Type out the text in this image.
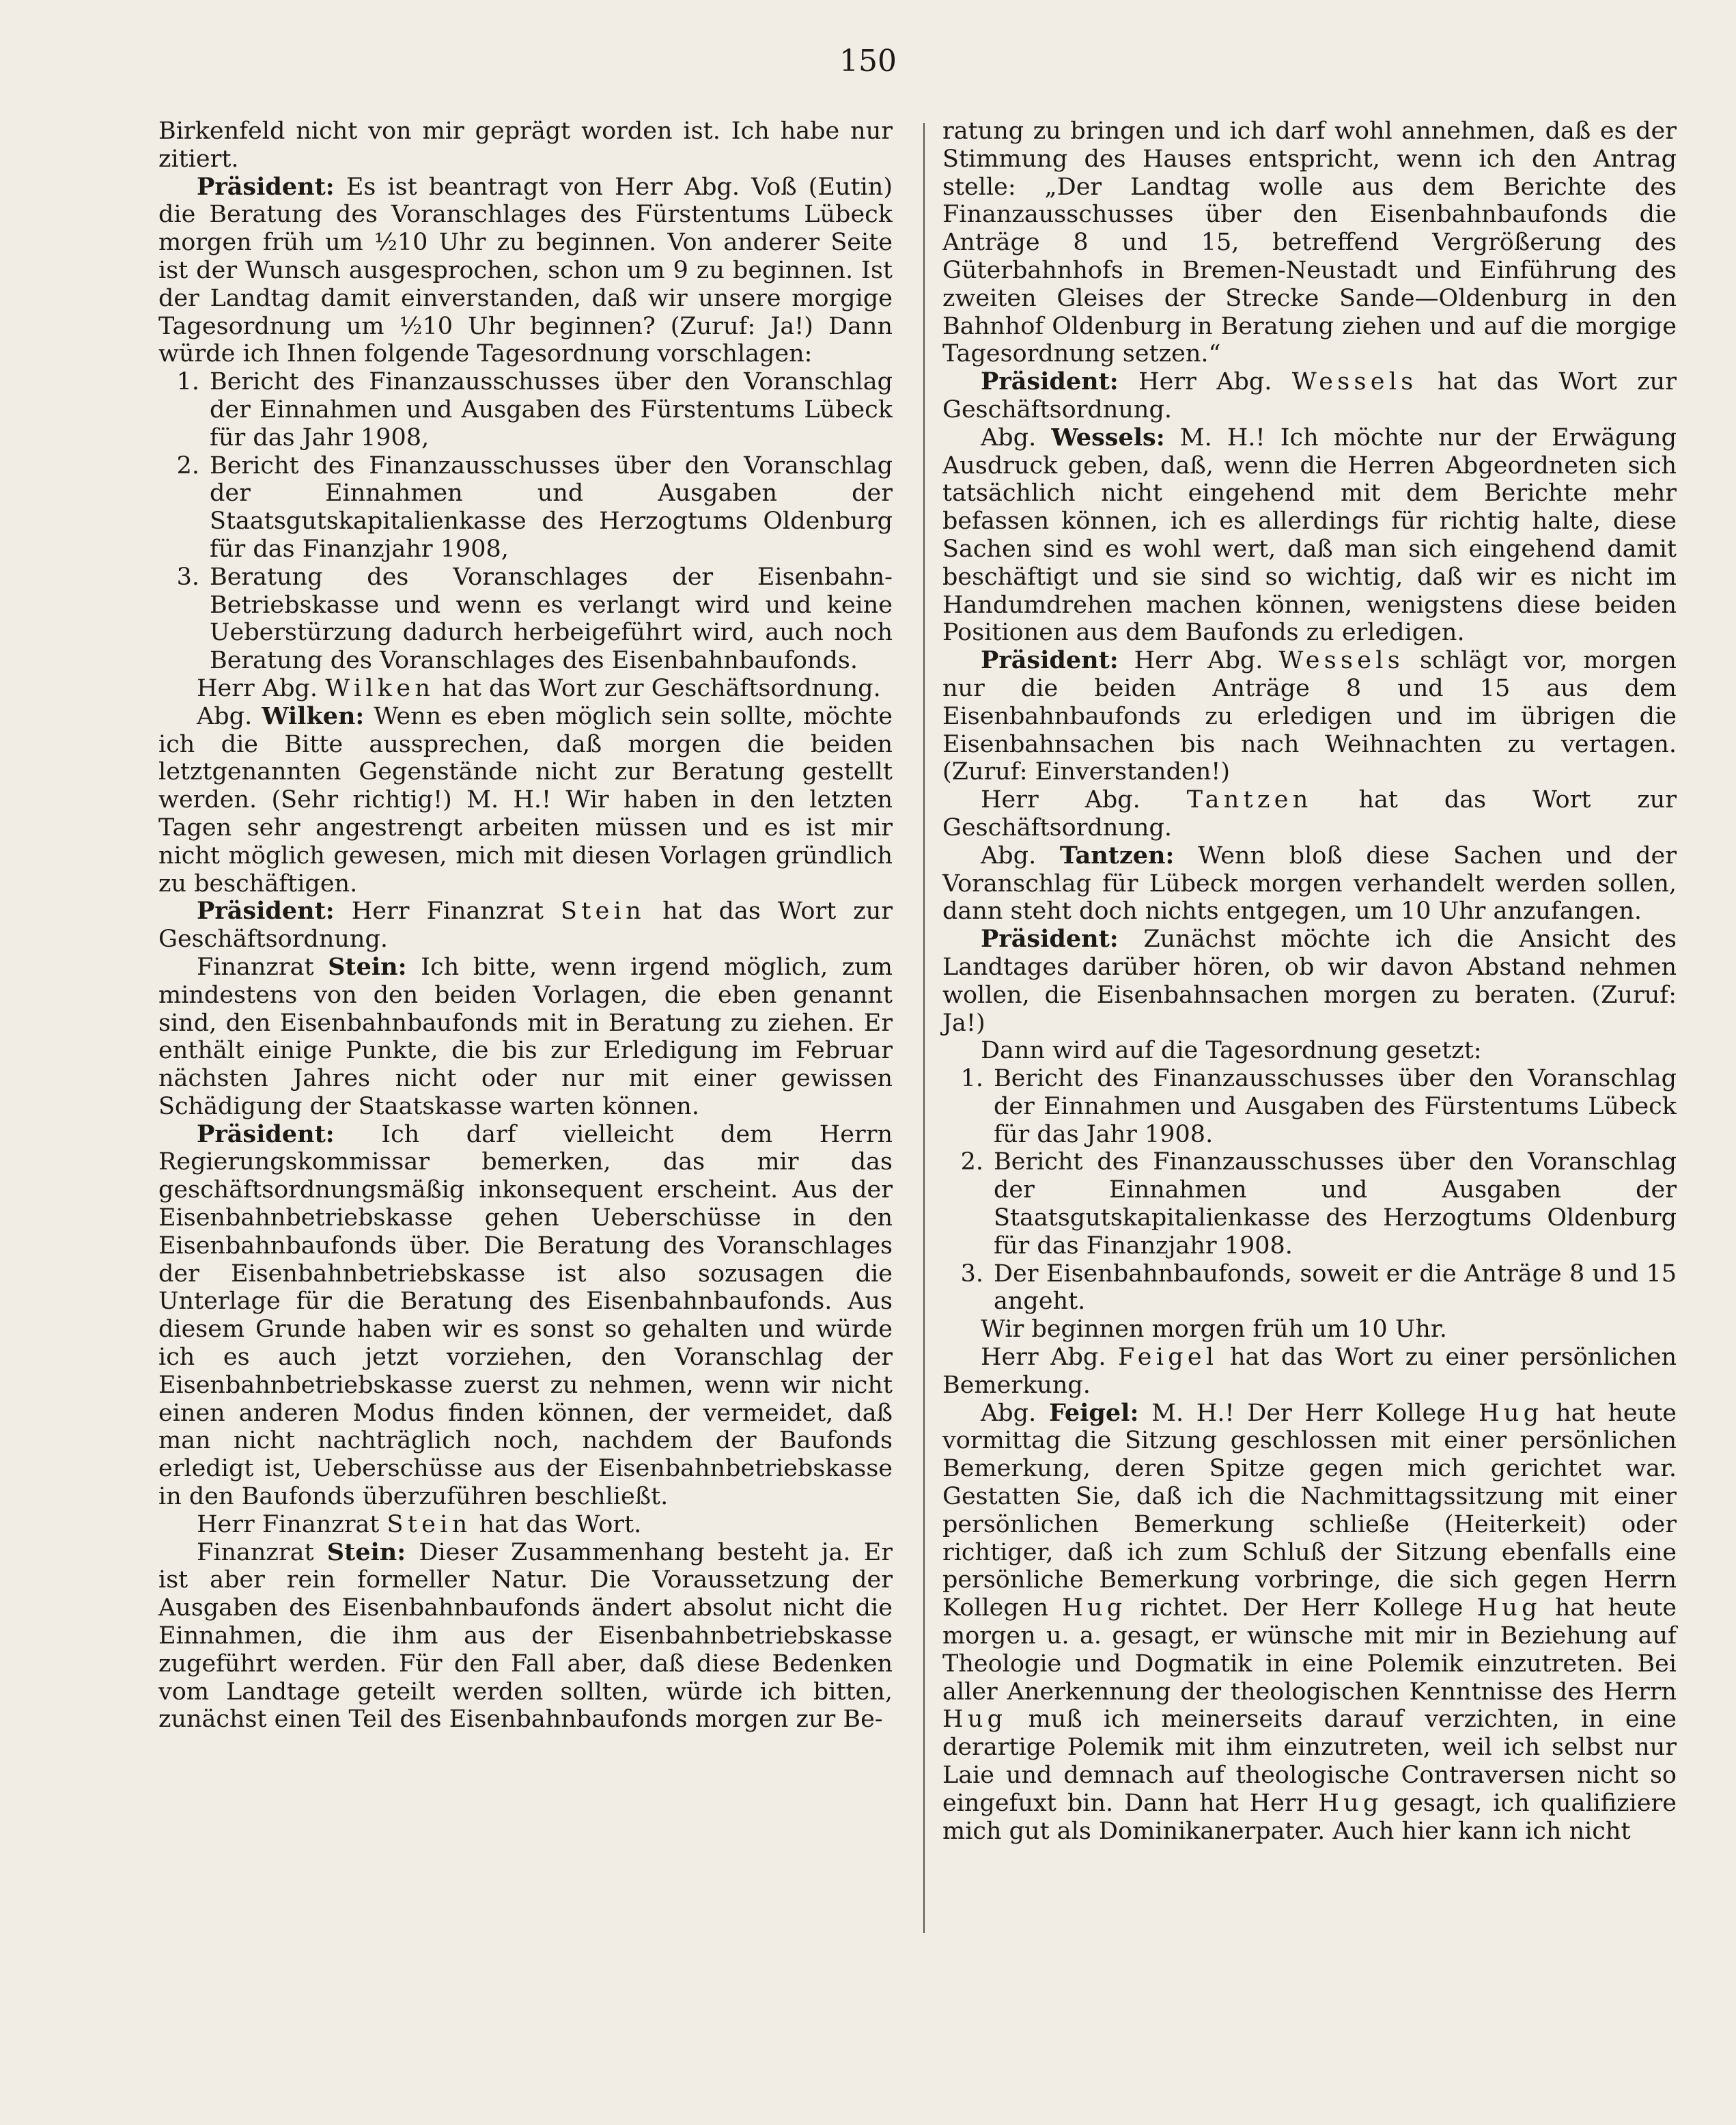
150

Birkenfeld nicht von mir geprägt worden ist. Ich habe nur zitiert.

Präsident: Es ist beantragt von Herr Abg. Voß (Eutin) die Beratung des Voranschlages des Fürstentums Lübeck morgen früh um ½10 Uhr zu beginnen. Von anderer Seite ist der Wunsch ausgesprochen, schon um 9 zu beginnen. Ist der Landtag damit einverstanden, daß wir unsere morgige Tagesordnung um ½10 Uhr beginnen? (Zuruf: Ja!) Dann würde ich Ihnen folgende Tagesordnung vorschlagen:

1. Bericht des Finanzausschusses über den Voranschlag der Einnahmen und Ausgaben des Fürstentums Lübeck für das Jahr 1908,

2. Bericht des Finanzausschusses über den Voranschlag der Einnahmen und Ausgaben der Staatsgutskapitalienkasse des Herzogtums Oldenburg für das Finanzjahr 1908,

3. Beratung des Voranschlages der Eisenbahn-Betriebskasse und wenn es verlangt wird und keine Ueberstürzung dadurch herbeigeführt wird, auch noch Beratung des Voranschlages des Eisenbahnbaufonds.

Herr Abg. Wilken hat das Wort zur Geschäftsordnung.

Abg. Wilken: Wenn es eben möglich sein sollte, möchte ich die Bitte aussprechen, daß morgen die beiden letztgenannten Gegenstände nicht zur Beratung gestellt werden. (Sehr richtig!) M. H.! Wir haben in den letzten Tagen sehr angestrengt arbeiten müssen und es ist mir nicht möglich gewesen, mich mit diesen Vorlagen gründlich zu beschäftigen.

Präsident: Herr Finanzrat Stein hat das Wort zur Geschäftsordnung.

Finanzrat Stein: Ich bitte, wenn irgend möglich, zum mindestens von den beiden Vorlagen, die eben genannt sind, den Eisenbahnbaufonds mit in Beratung zu ziehen. Er enthält einige Punkte, die bis zur Erledigung im Februar nächsten Jahres nicht oder nur mit einer gewissen Schädigung der Staatskasse warten können.

Präsident: Ich darf vielleicht dem Herrn Regierungskommissar bemerken, das mir das geschäftsordnungsmäßig inkonsequent erscheint. Aus der Eisenbahnbetriebskasse gehen Ueberschüsse in den Eisenbahnbaufonds über. Die Beratung des Voranschlages der Eisenbahnbetriebskasse ist also sozusagen die Unterlage für die Beratung des Eisenbahnbaufonds. Aus diesem Grunde haben wir es sonst so gehalten und würde ich es auch jetzt vorziehen, den Voranschlag der Eisenbahnbetriebskasse zuerst zu nehmen, wenn wir nicht einen anderen Modus finden können, der vermeidet, daß man nicht nachträglich noch, nachdem der Baufonds erledigt ist, Ueberschüsse aus der Eisenbahnbetriebskasse in den Baufonds überzuführen beschließt.

Herr Finanzrat Stein hat das Wort.

Finanzrat Stein: Dieser Zusammenhang besteht ja. Er ist aber rein formeller Natur. Die Voraussetzung der Ausgaben des Eisenbahnbaufonds ändert absolut nicht die Einnahmen, die ihm aus der Eisenbahnbetriebskasse zugeführt werden. Für den Fall aber, daß diese Bedenken vom Landtage geteilt werden sollten, würde ich bitten, zunächst einen Teil des Eisenbahnbaufonds morgen zur Be-

ratung zu bringen und ich darf wohl annehmen, daß es der Stimmung des Hauses entspricht, wenn ich den Antrag stelle: „Der Landtag wolle aus dem Berichte des Finanzausschusses über den Eisenbahnbaufonds die Anträge 8 und 15, betreffend Vergrößerung des Güterbahnhofs in Bremen-Neustadt und Einführung des zweiten Gleises der Strecke Sande—Oldenburg in den Bahnhof Oldenburg in Beratung ziehen und auf die morgige Tagesordnung setzen.“

Präsident: Herr Abg. Wessels hat das Wort zur Geschäftsordnung.

Abg. Wessels: M. H.! Ich möchte nur der Erwägung Ausdruck geben, daß, wenn die Herren Abgeordneten sich tatsächlich nicht eingehend mit dem Berichte mehr befassen können, ich es allerdings für richtig halte, diese Sachen sind es wohl wert, daß man sich eingehend damit beschäftigt und sie sind so wichtig, daß wir es nicht im Handumdrehen machen können, wenigstens diese beiden Positionen aus dem Baufonds zu erledigen.

Präsident: Herr Abg. Wessels schlägt vor, morgen nur die beiden Anträge 8 und 15 aus dem Eisenbahnbaufonds zu erledigen und im übrigen die Eisenbahnsachen bis nach Weihnachten zu vertagen. (Zuruf: Einverstanden!)

Herr Abg. Tantzen hat das Wort zur Geschäftsordnung.

Abg. Tantzen: Wenn bloß diese Sachen und der Voranschlag für Lübeck morgen verhandelt werden sollen, dann steht doch nichts entgegen, um 10 Uhr anzufangen.

Präsident: Zunächst möchte ich die Ansicht des Landtages darüber hören, ob wir davon Abstand nehmen wollen, die Eisenbahnsachen morgen zu beraten. (Zuruf: Ja!)

Dann wird auf die Tagesordnung gesetzt:

1. Bericht des Finanzausschusses über den Voranschlag der Einnahmen und Ausgaben des Fürstentums Lübeck für das Jahr 1908.

2. Bericht des Finanzausschusses über den Voranschlag der Einnahmen und Ausgaben der Staatsgutskapitalienkasse des Herzogtums Oldenburg für das Finanzjahr 1908.

3. Der Eisenbahnbaufonds, soweit er die Anträge 8 und 15 angeht.

Wir beginnen morgen früh um 10 Uhr.

Herr Abg. Feigel hat das Wort zu einer persönlichen Bemerkung.

Abg. Feigel: M. H.! Der Herr Kollege Hug hat heute vormittag die Sitzung geschlossen mit einer persönlichen Bemerkung, deren Spitze gegen mich gerichtet war. Gestatten Sie, daß ich die Nachmittagssitzung mit einer persönlichen Bemerkung schließe (Heiterkeit) oder richtiger, daß ich zum Schluß der Sitzung ebenfalls eine persönliche Bemerkung vorbringe, die sich gegen Herrn Kollegen Hug richtet. Der Herr Kollege Hug hat heute morgen u. a. gesagt, er wünsche mit mir in Beziehung auf Theologie und Dogmatik in eine Polemik einzutreten. Bei aller Anerkennung der theologischen Kenntnisse des Herrn Hug muß ich meinerseits darauf verzichten, in eine derartige Polemik mit ihm einzutreten, weil ich selbst nur Laie und demnach auf theologische Contraversen nicht so eingefuxt bin. Dann hat Herr Hug gesagt, ich qualifiziere mich gut als Dominikanerpater. Auch hier kann ich nicht
